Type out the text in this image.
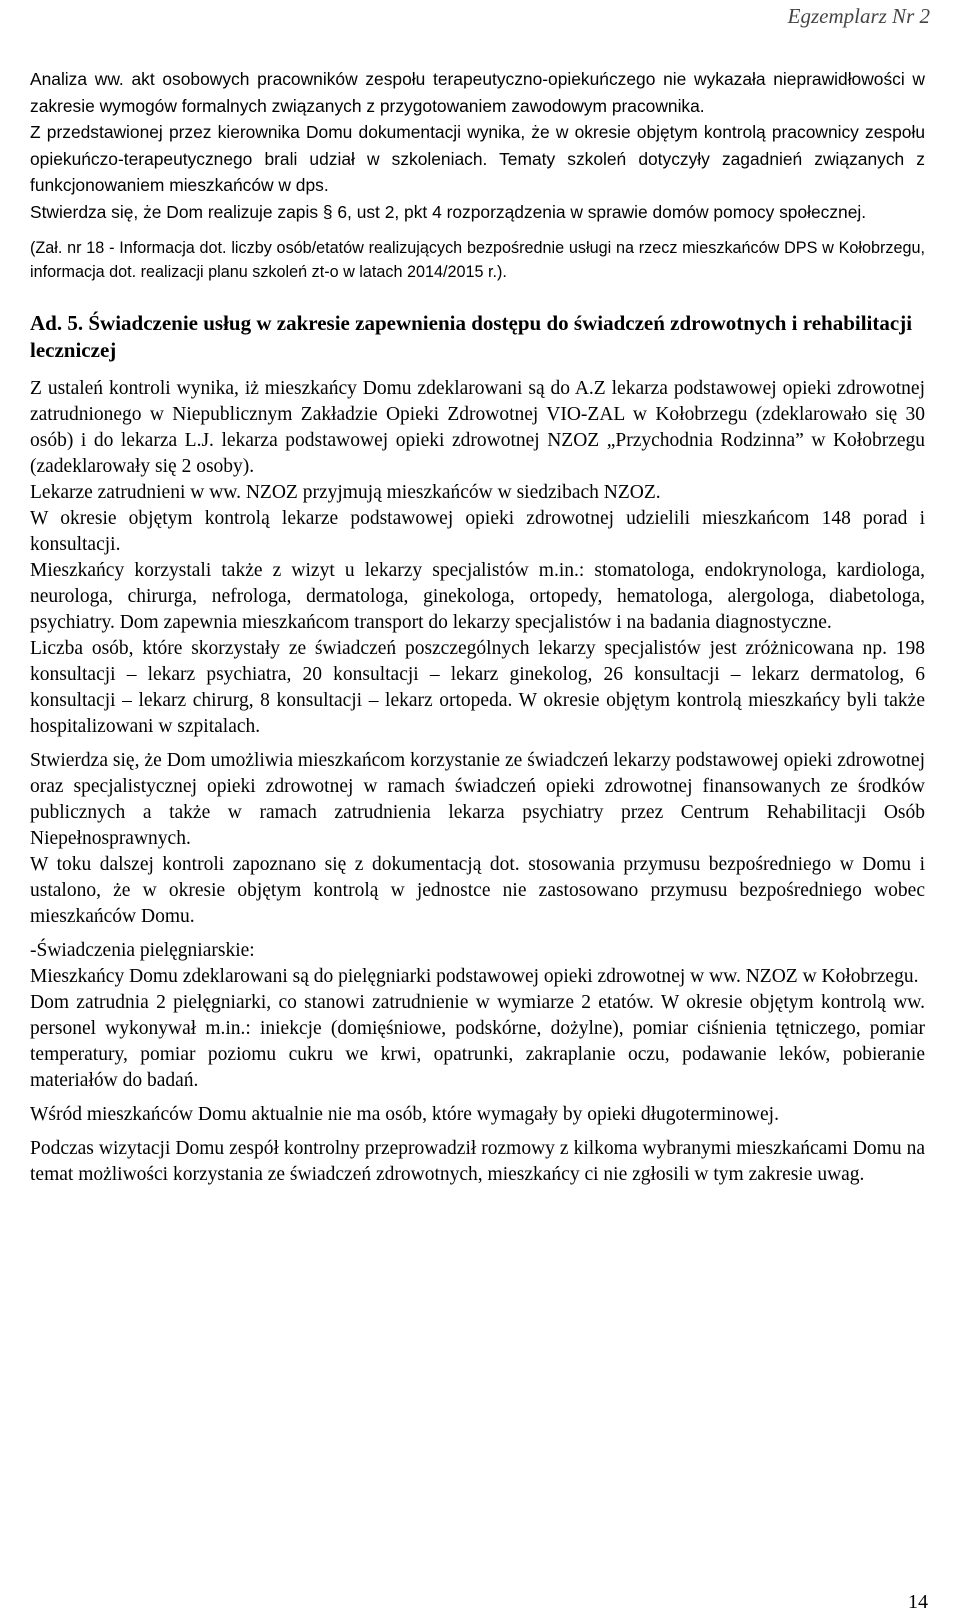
Egzemplarz Nr 2

Analiza ww. akt osobowych pracowników zespołu terapeutyczno-opiekuńczego nie wykazała nieprawidłowości w zakresie wymogów formalnych związanych z przygotowaniem zawodowym pracownika.

Z przedstawionej przez kierownika Domu dokumentacji wynika, że w okresie objętym kontrolą pracownicy zespołu opiekuńczo-terapeutycznego brali udział w szkoleniach. Tematy szkoleń dotyczyły zagadnień związanych z funkcjonowaniem mieszkańców w dps.

Stwierdza się, że Dom realizuje zapis § 6, ust 2, pkt 4 rozporządzenia w sprawie domów pomocy społecznej.

(Zał. nr 18 - Informacja dot. liczby osób/etatów realizujących bezpośrednie usługi na rzecz mieszkańców DPS w Kołobrzegu, informacja dot. realizacji planu szkoleń zt-o w latach 2014/2015 r.).

Ad. 5. Świadczenie usług w zakresie zapewnienia dostępu do świadczeń zdrowotnych i rehabilitacji leczniczej

Z ustaleń kontroli wynika, iż mieszkańcy Domu zdeklarowani są do A.Z lekarza podstawowej opieki zdrowotnej zatrudnionego w Niepublicznym Zakładzie Opieki Zdrowotnej VIO-ZAL w Kołobrzegu (zdeklarowało się 30 osób) i do lekarza L.J. lekarza podstawowej opieki zdrowotnej NZOZ „Przychodnia Rodzinna” w Kołobrzegu (zadeklarowały się 2 osoby).

Lekarze zatrudnieni w ww. NZOZ przyjmują mieszkańców w siedzibach NZOZ.

W okresie objętym kontrolą lekarze podstawowej opieki zdrowotnej udzielili mieszkańcom 148 porad i konsultacji.

Mieszkańcy korzystali także z wizyt u lekarzy specjalistów m.in.: stomatologa, endokrynologa, kardiologa, neurologa, chirurga, nefrologa, dermatologa, ginekologa, ortopedy, hematologa, alergologa, diabetologa, psychiatry. Dom zapewnia mieszkańcom transport do lekarzy specjalistów i na badania diagnostyczne.

Liczba osób, które skorzystały ze świadczeń poszczególnych lekarzy specjalistów jest zróżnicowana np. 198 konsultacji – lekarz psychiatra, 20 konsultacji – lekarz ginekolog, 26 konsultacji – lekarz dermatolog, 6 konsultacji – lekarz chirurg, 8 konsultacji – lekarz ortopeda. W okresie objętym kontrolą mieszkańcy byli także hospitalizowani w szpitalach.

Stwierdza się, że Dom umożliwia mieszkańcom korzystanie ze świadczeń lekarzy podstawowej opieki zdrowotnej oraz specjalistycznej opieki zdrowotnej w ramach świadczeń opieki zdrowotnej finansowanych ze środków publicznych a także w ramach zatrudnienia lekarza psychiatry przez Centrum Rehabilitacji Osób Niepełnosprawnych.

W toku dalszej kontroli zapoznano się z dokumentacją dot. stosowania przymusu bezpośredniego w Domu i ustalono, że w okresie objętym kontrolą w jednostce nie zastosowano przymusu bezpośredniego wobec mieszkańców Domu.

-Świadczenia pielęgniarskie:

Mieszkańcy Domu zdeklarowani są do pielęgniarki podstawowej opieki zdrowotnej w ww. NZOZ w Kołobrzegu.

Dom zatrudnia 2 pielęgniarki, co stanowi zatrudnienie w wymiarze 2 etatów. W okresie objętym kontrolą ww. personel wykonywał m.in.: iniekcje (domięśniowe, podskórne, dożylne), pomiar ciśnienia tętniczego, pomiar temperatury, pomiar poziomu cukru we krwi, opatrunki, zakraplanie oczu, podawanie leków, pobieranie materiałów do badań.

Wśród mieszkańców Domu aktualnie nie ma osób, które wymagały by opieki długoterminowej.

Podczas wizytacji Domu zespół kontrolny przeprowadził rozmowy z kilkoma wybranymi mieszkańcami Domu na temat możliwości korzystania ze świadczeń zdrowotnych, mieszkańcy ci nie zgłosili w tym zakresie uwag.

14
